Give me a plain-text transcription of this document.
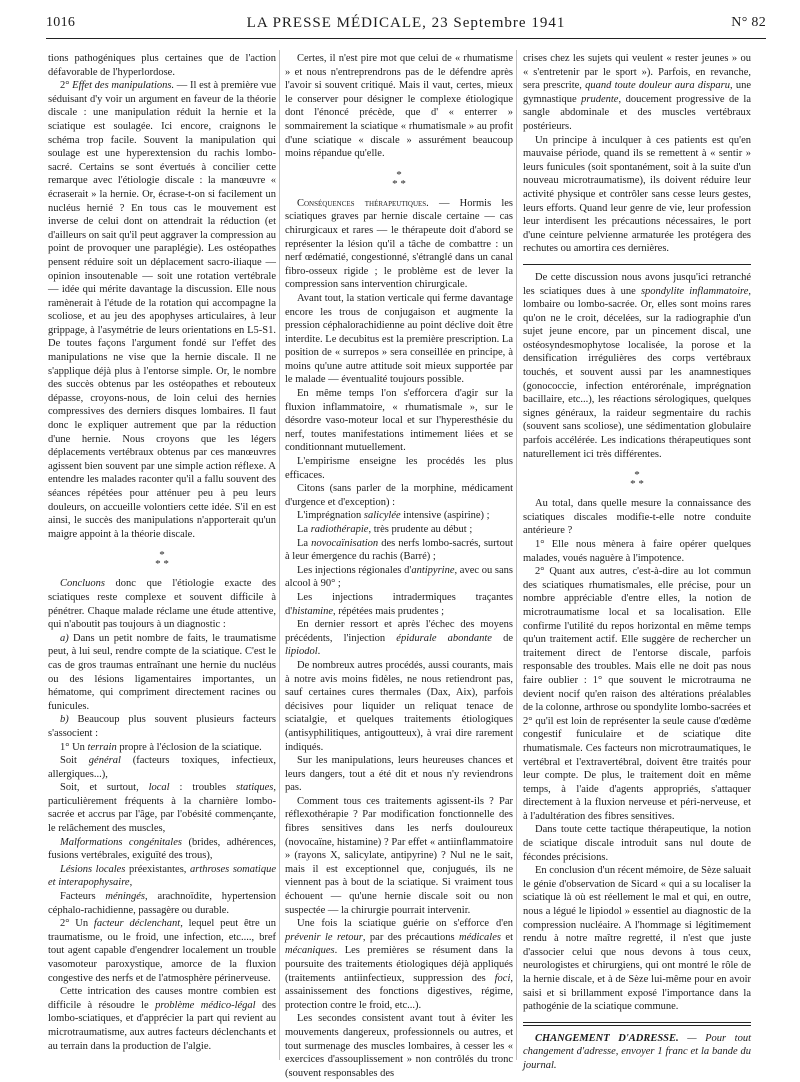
1016	LA PRESSE MÉDICALE, 23 Septembre 1941	N° 82

tions pathogéniques plus certaines que de l'action défavorable de l'hyperlordose.

2° Effet des manipulations. — Il est à première vue séduisant d'y voir un argument en faveur de la théorie discale : une manipulation réduit la hernie et la sciatique est soulagée. Ici encore, craignons le schéma trop facile. Souvent la manipulation qui soulage est une hyperextension du rachis lombo-sacré. Certains se sont évertués à concilier cette remarque avec l'étiologie discale : la manœuvre « écraserait » la hernie. Or, écrase-t-on si facilement un nucléus hernié ? En tous cas le mouvement est inverse de celui dont on attendrait la réduction (et d'ailleurs on sait qu'il peut aggraver la compression au point de provoquer une paraplégie). Les ostéopathes pensent réduire soit un déplacement sacro-iliaque — opinion insoutenable — soit une rotation vertébrale — idée qui mérite davantage la discussion. Elle nous ramènerait à l'étude de la rotation qui accompagne la scoliose, et au jeu des apophyses articulaires, à leur grippage, à l'asymétrie de leurs orientations en L5-S1. De toutes façons l'argument fondé sur l'effet des manipulations ne vise que la hernie discale. Il ne s'applique déjà plus à l'entorse simple. Or, le nombre des succès obtenus par les ostéopathes et rebouteux dépasse, croyons-nous, de loin celui des hernies compressives des derniers disques lombaires. Il faut donc le expliquer autrement que par la réduction d'une hernie. Nous croyons que les légers déplacements vertébraux obtenus par ces manœuvres agissent bien souvent par une simple action réflexe. A entendre les malades raconter qu'il a fallu souvent des séances répétées pour atténuer peu à peu leurs douleurs, on accueille volontiers cette idée. S'il en est ainsi, le succès des manipulations n'apporterait qu'un maigre appoint à la théorie discale.

*
* *

Concluons donc que l'étiologie exacte des sciatiques reste complexe et souvent difficile à pénétrer. Chaque malade réclame une étude attentive, qui n'aboutit pas toujours à un diagnostic :

a) Dans un petit nombre de faits, le traumatisme peut, à lui seul, rendre compte de la sciatique. C'est le cas de gros traumas entraînant une hernie du nucléus ou des lésions ligamentaires importantes, un hématome, qui compriment directement racines ou funicules.

b) Beaucoup plus souvent plusieurs facteurs s'associent :

1° Un terrain propre à l'éclosion de la sciatique.

Soit général (facteurs toxiques, infectieux, allergiques...),

Soit, et surtout, local : troubles statiques, particulièrement fréquents à la charnière lombo-sacrée et accrus par l'âge, par l'obésité commençante, le relâchement des muscles,

Malformations congénitales (brides, adhérences, fusions vertébrales, exiguïté des trous),

Lésions locales préexistantes, arthroses somatique et interapophysaire,

Facteurs méningés, arachnoïdite, hypertension céphalo-rachidienne, passagère ou durable.

2° Un facteur déclenchant, lequel peut être un traumatisme, ou le froid, une infection, etc...., bref tout agent capable d'engendrer localement un trouble vasomoteur paroxystique, amorce de la fluxion congestive des nerfs et de l'atmosphère périnerveuse.

Cette intrication des causes montre combien est difficile à résoudre le problème médico-légal des lombo-sciatiques, et d'apprécier la part qui revient au microtraumatisme, aux autres facteurs déclenchants et au terrain dans la production de l'algie.

Certes, il n'est pire mot que celui de « rhumatisme » et nous n'entreprendrons pas de le défendre après l'avoir si souvent critiqué. Mais il vaut, certes, mieux le conserver pour désigner le complexe étiologique dont l'énoncé précède, que d' « enterrer » sommairement la sciatique « rhumatismale » au profit d'une sciatique « discale » assurément beaucoup moins répandue qu'elle.

*
* *

Conséquences thérapeutiques. — Hormis les sciatiques graves par hernie discale certaine — cas chirurgicaux et rares — le thérapeute doit d'abord se représenter la lésion qu'il a tâche de combattre : un nerf œdématié, congestionné, s'étranglé dans un canal fibro-osseux rigide ; le problème est de lever la compression sans intervention chirurgicale.

Avant tout, la station verticale qui ferme davantage encore les trous de conjugaison et augmente la pression céphalorachidienne au point déclive doit être interdite. Le decubitus est la première prescription. La position de « surrepos » sera conseillée en principe, à moins qu'une autre attitude soit mieux supportée par le malade — éventualité toujours possible.

En même temps l'on s'efforcera d'agir sur la fluxion inflammatoire, « rhumatismale », sur le désordre vaso-moteur local et sur l'hyperesthésie du nerf, toutes manifestations intimement liées et se conditionnant mutuellement.

L'empirisme enseigne les procédés les plus efficaces.

Citons (sans parler de la morphine, médicament d'urgence et d'exception) :

L'imprégnation salicylée intensive (aspirine) ;

La radiothérapie, très prudente au début ;

La novocaïnisation des nerfs lombo-sacrés, surtout à leur émergence du rachis (Barré) ;

Les injections régionales d'antipyrine, avec ou sans alcool à 90° ;

Les injections intradermiques traçantes d'histamine, répétées mais prudentes ;

En dernier ressort et après l'échec des moyens précédents, l'injection épidurale abondante de lipiodol.

De nombreux autres procédés, aussi courants, mais à notre avis moins fidèles, ne nous retiendront pas, sauf certaines cures thermales (Dax, Aix), parfois décisives pour liquider un reliquat tenace de sciatalgie, et quelques traitements étiologiques (antisyphilitiques, antigoutteux), à vrai dire rarement indiqués.

Sur les manipulations, leurs heureuses chances et leurs dangers, tout a été dit et nous n'y reviendrons pas.

Comment tous ces traitements agissent-ils ? Par réflexothérapie ? Par modification fonctionnelle des fibres sensitives dans les nerfs douloureux (novocaïne, histamine) ? Par effet « antiinflammatoire » (rayons X, salicylate, antipyrine) ? Nul ne le sait, mais il est exceptionnel que, conjugués, ils ne viennent pas à bout de la sciatique. Si vraiment tous échouent — qu'une hernie discale soit ou non suspectée — la chirurgie pourrait intervenir.

Une fois la sciatique guérie on s'efforce d'en prévenir le retour, par des précautions médicales et mécaniques. Les premières se résument dans la poursuite des traitements étiologiques déjà appliqués (traitements antiinfectieux, suppression des foci, assainissement des fonctions digestives, régime, protection contre le froid, etc...).

Les secondes consistent avant tout à éviter les mouvements dangereux, professionnels ou autres, et tout surmenage des muscles lombaires, à cesser les « exercices d'assouplissement » non contrôlés du tronc (souvent responsables des

crises chez les sujets qui veulent « rester jeunes » ou « s'entretenir par le sport »). Parfois, en revanche, sera prescrite, quand toute douleur aura disparu, une gymnastique prudente, doucement progressive de la sangle abdominale et des muscles vertébraux postérieurs.

Un principe à inculquer à ces patients est qu'en mauvaise période, quand ils se remettent à « sentir » leurs funicules (soit spontanément, soit à la suite d'un nouveau microtraumatisme), ils doivent réduire leur activité physique et contrôler sans cesse leurs gestes, leurs efforts. Quand leur genre de vie, leur profession leur interdisent les précautions nécessaires, le port d'une ceinture pelvienne armaturée les protégera des rechutes ou amortira ces dernières.

De cette discussion nous avons jusqu'ici retranché les sciatiques dues à une spondylite inflammatoire, lombaire ou lombo-sacrée. Or, elles sont moins rares qu'on ne le croit, décelées, sur la radiographie d'un sujet jeune encore, par un pincement discal, une ostéosyndesmophytose localisée, la porose et la densification irrégulières des corps vertébraux touchés, et souvent aussi par les anamnestiques (gonococcie, infection entérorénale, imprégnation bacillaire, etc...), les réactions sérologiques, quelques signes généraux, la raideur segmentaire du rachis (souvent sans scoliose), une sédimentation globulaire parfois accélérée. Les indications thérapeutiques sont naturellement ici très différentes.

*
* *

Au total, dans quelle mesure la connaissance des sciatiques discales modifie-t-elle notre conduite antérieure ?

1° Elle nous mènera à faire opérer quelques malades, voués naguère à l'impotence.

2° Quant aux autres, c'est-à-dire au lot commun des sciatiques rhumatismales, elle précise, pour un nombre appréciable d'entre elles, la notion de microtraumatisme local et sa localisation. Elle confirme l'utilité du repos horizontal en même temps qu'un traitement actif. Elle suggère de rechercher un traitement direct de l'entorse discale, parfois responsable des troubles. Mais elle ne doit pas nous faire oublier : 1° que souvent le microtrauma ne devient nocif qu'en raison des altérations préalables de la colonne, arthrose ou spondylite lombo-sacrées et 2° qu'il est loin de représenter la seule cause d'œdème congestif funiculaire et de sciatique dite rhumatismale. Ces facteurs non microtraumatiques, le vertébral et l'extravertébral, doivent être traités pour leur compte. De plus, le traitement doit en même temps, à l'aide d'agents appropriés, s'attaquer directement à la fluxion nerveuse et péri-nerveuse, et à l'adultération des fibres sensitives.

Dans toute cette tactique thérapeutique, la notion de sciatique discale introduit sans nul doute de fécondes précisions.

En conclusion d'un récent mémoire, de Sèze saluait le génie d'observation de Sicard « qui a su localiser la sciatique là où est réellement le mal et qui, en outre, nous a légué le lipiodol » essentiel au diagnostic de la compression nucléaire. A l'hommage si légitimement rendu à notre maître regretté, il n'est que juste d'associer celui que nous devons à tous ceux, neurologistes et chirurgiens, qui ont montré le rôle de la hernie discale, et à de Sèze lui-même pour en avoir saisi et si brillamment exposé l'importance dans la pathogénie de la sciatique commune.

CHANGEMENT D'ADRESSE. — Pour tout changement d'adresse, envoyer 1 franc et la bande du journal.
